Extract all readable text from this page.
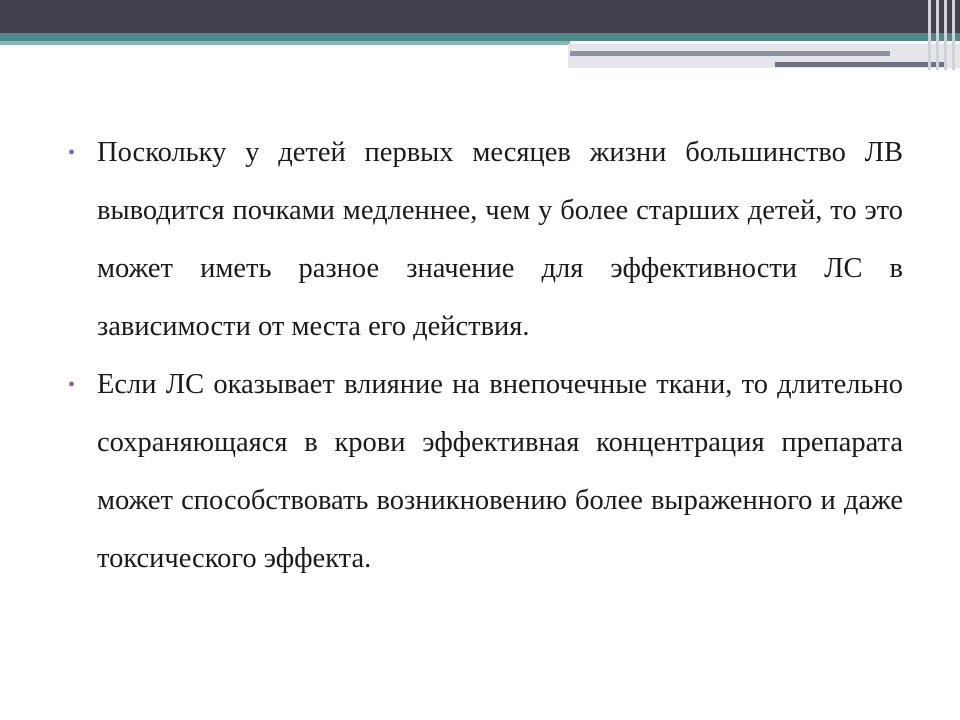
• Поскольку у детей первых месяцев жизни большинство ЛВ выводится почками медленнее, чем у более старших детей, то это может иметь разное значение для эффективности ЛС в зависимости от места его действия.

• Если ЛС оказывает влияние на внепочечные ткани, то длительно сохраняющаяся в крови эффективная концентрация препарата может способствовать возникновению более выраженного и даже токсического эффекта.
